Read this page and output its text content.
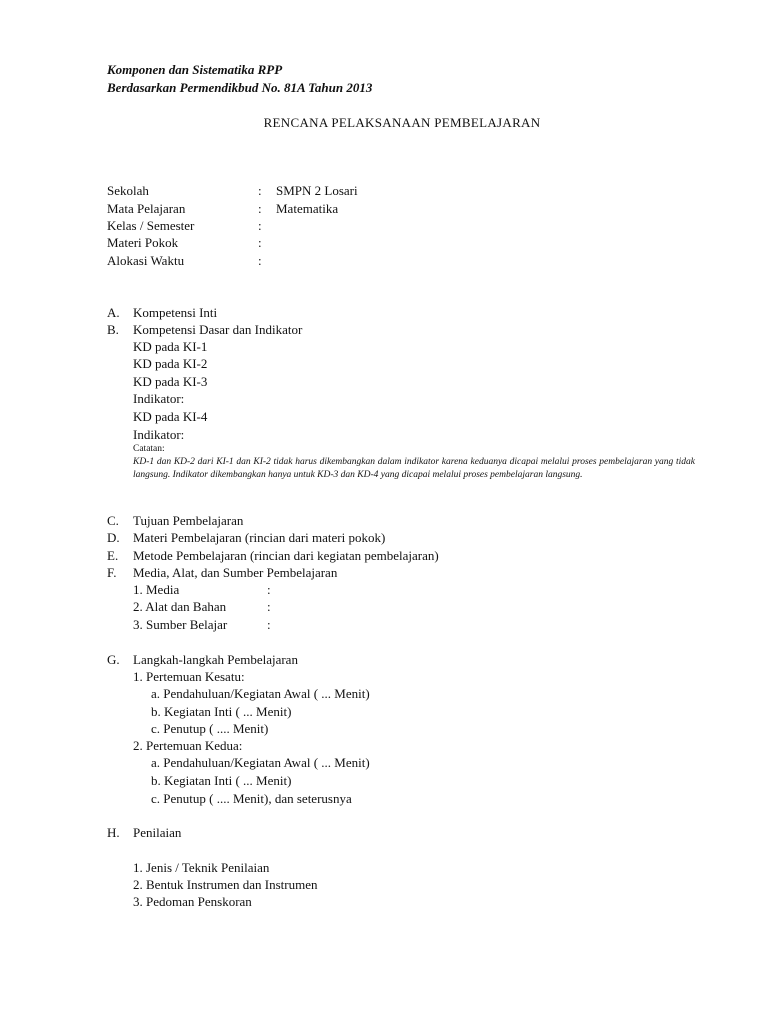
Komponen dan Sistematika RPP
Berdasarkan Permendikbud No. 81A Tahun 2013
RENCANA PELAKSANAAN PEMBELAJARAN
Sekolah	: SMPN 2 Losari
Mata Pelajaran	: Matematika
Kelas / Semester	:
Materi Pokok	:
Alokasi Waktu	:
A. Kompetensi Inti
B. Kompetensi Dasar dan Indikator
KD pada KI-1
KD pada KI-2
KD pada KI-3
Indikator:
KD pada KI-4
Indikator:
Catatan:
KD-1 dan KD-2 dari KI-1 dan KI-2 tidak harus dikembangkan dalam indikator karena keduanya dicapai melalui proses pembelajaran yang tidak langsung. Indikator dikembangkan hanya untuk KD-3 dan KD-4 yang dicapai melalui proses pembelajaran langsung.
C. Tujuan Pembelajaran
D. Materi Pembelajaran (rincian dari materi pokok)
E. Metode Pembelajaran (rincian dari kegiatan pembelajaran)
F. Media, Alat, dan Sumber Pembelajaran
1. Media	:
2. Alat dan Bahan	:
3. Sumber Belajar	:
G. Langkah-langkah Pembelajaran
1. Pertemuan Kesatu:
a. Pendahuluan/Kegiatan Awal ( ... Menit)
b. Kegiatan Inti ( ... Menit)
c. Penutup ( .... Menit)
2. Pertemuan Kedua:
a. Pendahuluan/Kegiatan Awal ( ... Menit)
b. Kegiatan Inti ( ... Menit)
c. Penutup ( .... Menit), dan seterusnya
H. Penilaian
1. Jenis / Teknik Penilaian
2. Bentuk Instrumen dan Instrumen
3. Pedoman Penskoran
